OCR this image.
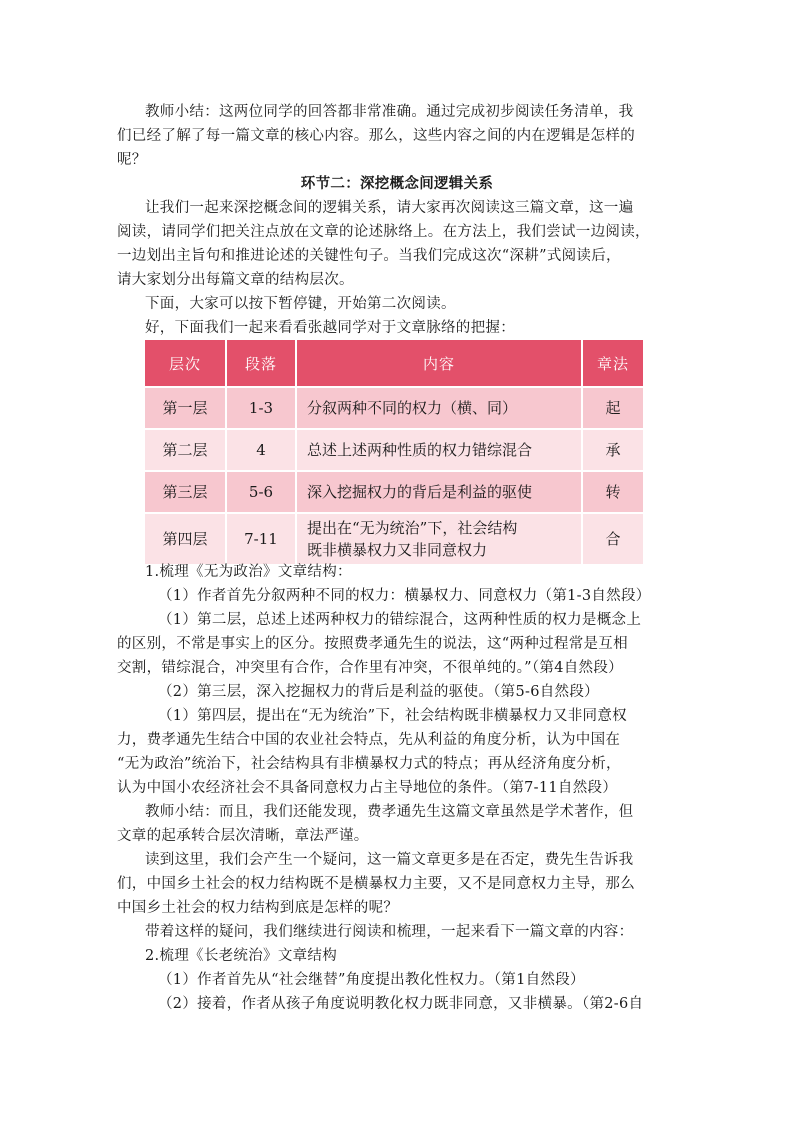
教师小结：这两位同学的回答都非常准确。通过完成初步阅读任务清单，我
们已经了解了每一篇文章的核心内容。那么，这些内容之间的内在逻辑是怎样的
呢？
环节二：深挖概念间逻辑关系
让我们一起来深挖概念间的逻辑关系，请大家再次阅读这三篇文章，这一遍
阅读，请同学们把关注点放在文章的论述脉络上。在方法上，我们尝试一边阅读，
一边划出主旨句和推进论述的关键性句子。当我们完成这次“深耕”式阅读后，
请大家划分出每篇文章的结构层次。
下面，大家可以按下暂停键，开始第二次阅读。
好，下面我们一起来看看张越同学对于文章脉络的把握：
层次	段落	内容	章法
第一层	1-3	分叙两种不同的权力（横、同）	起
第二层	4	总述上述两种性质的权力错综混合	承
第三层	5-6	深入挖掘权力的背后是利益的驱使	转
第四层	7-11	提出在“无为统治”下，社会结构
既非横暴权力又非同意权力	合
1.梳理《无为政治》文章结构：
（1）作者首先分叙两种不同的权力：横暴权力、同意权力（第1-3自然段）
（1）第二层，总述上述两种权力的错综混合，这两种性质的权力是概念上
的区别，不常是事实上的区分。按照费孝通先生的说法，这“两种过程常是互相
交割，错综混合，冲突里有合作，合作里有冲突，不很单纯的。”（第4自然段）
（2）第三层，深入挖掘权力的背后是利益的驱使。（第5-6自然段）
（1）第四层，提出在“无为统治”下，社会结构既非横暴权力又非同意权
力，费孝通先生结合中国的农业社会特点，先从利益的角度分析，认为中国在
“无为政治”统治下，社会结构具有非横暴权力式的特点；再从经济角度分析，
认为中国小农经济社会不具备同意权力占主导地位的条件。（第7-11自然段）
教师小结：而且，我们还能发现，费孝通先生这篇文章虽然是学术著作，但
文章的起承转合层次清晰，章法严谨。
读到这里，我们会产生一个疑问，这一篇文章更多是在否定，费先生告诉我
们，中国乡土社会的权力结构既不是横暴权力主要，又不是同意权力主导，那么
中国乡土社会的权力结构到底是怎样的呢？
带着这样的疑问，我们继续进行阅读和梳理，一起来看下一篇文章的内容：
2.梳理《长老统治》文章结构
（1）作者首先从“社会继替”角度提出教化性权力。（第1自然段）
（2）接着，作者从孩子角度说明教化权力既非同意，又非横暴。（第2-6自
